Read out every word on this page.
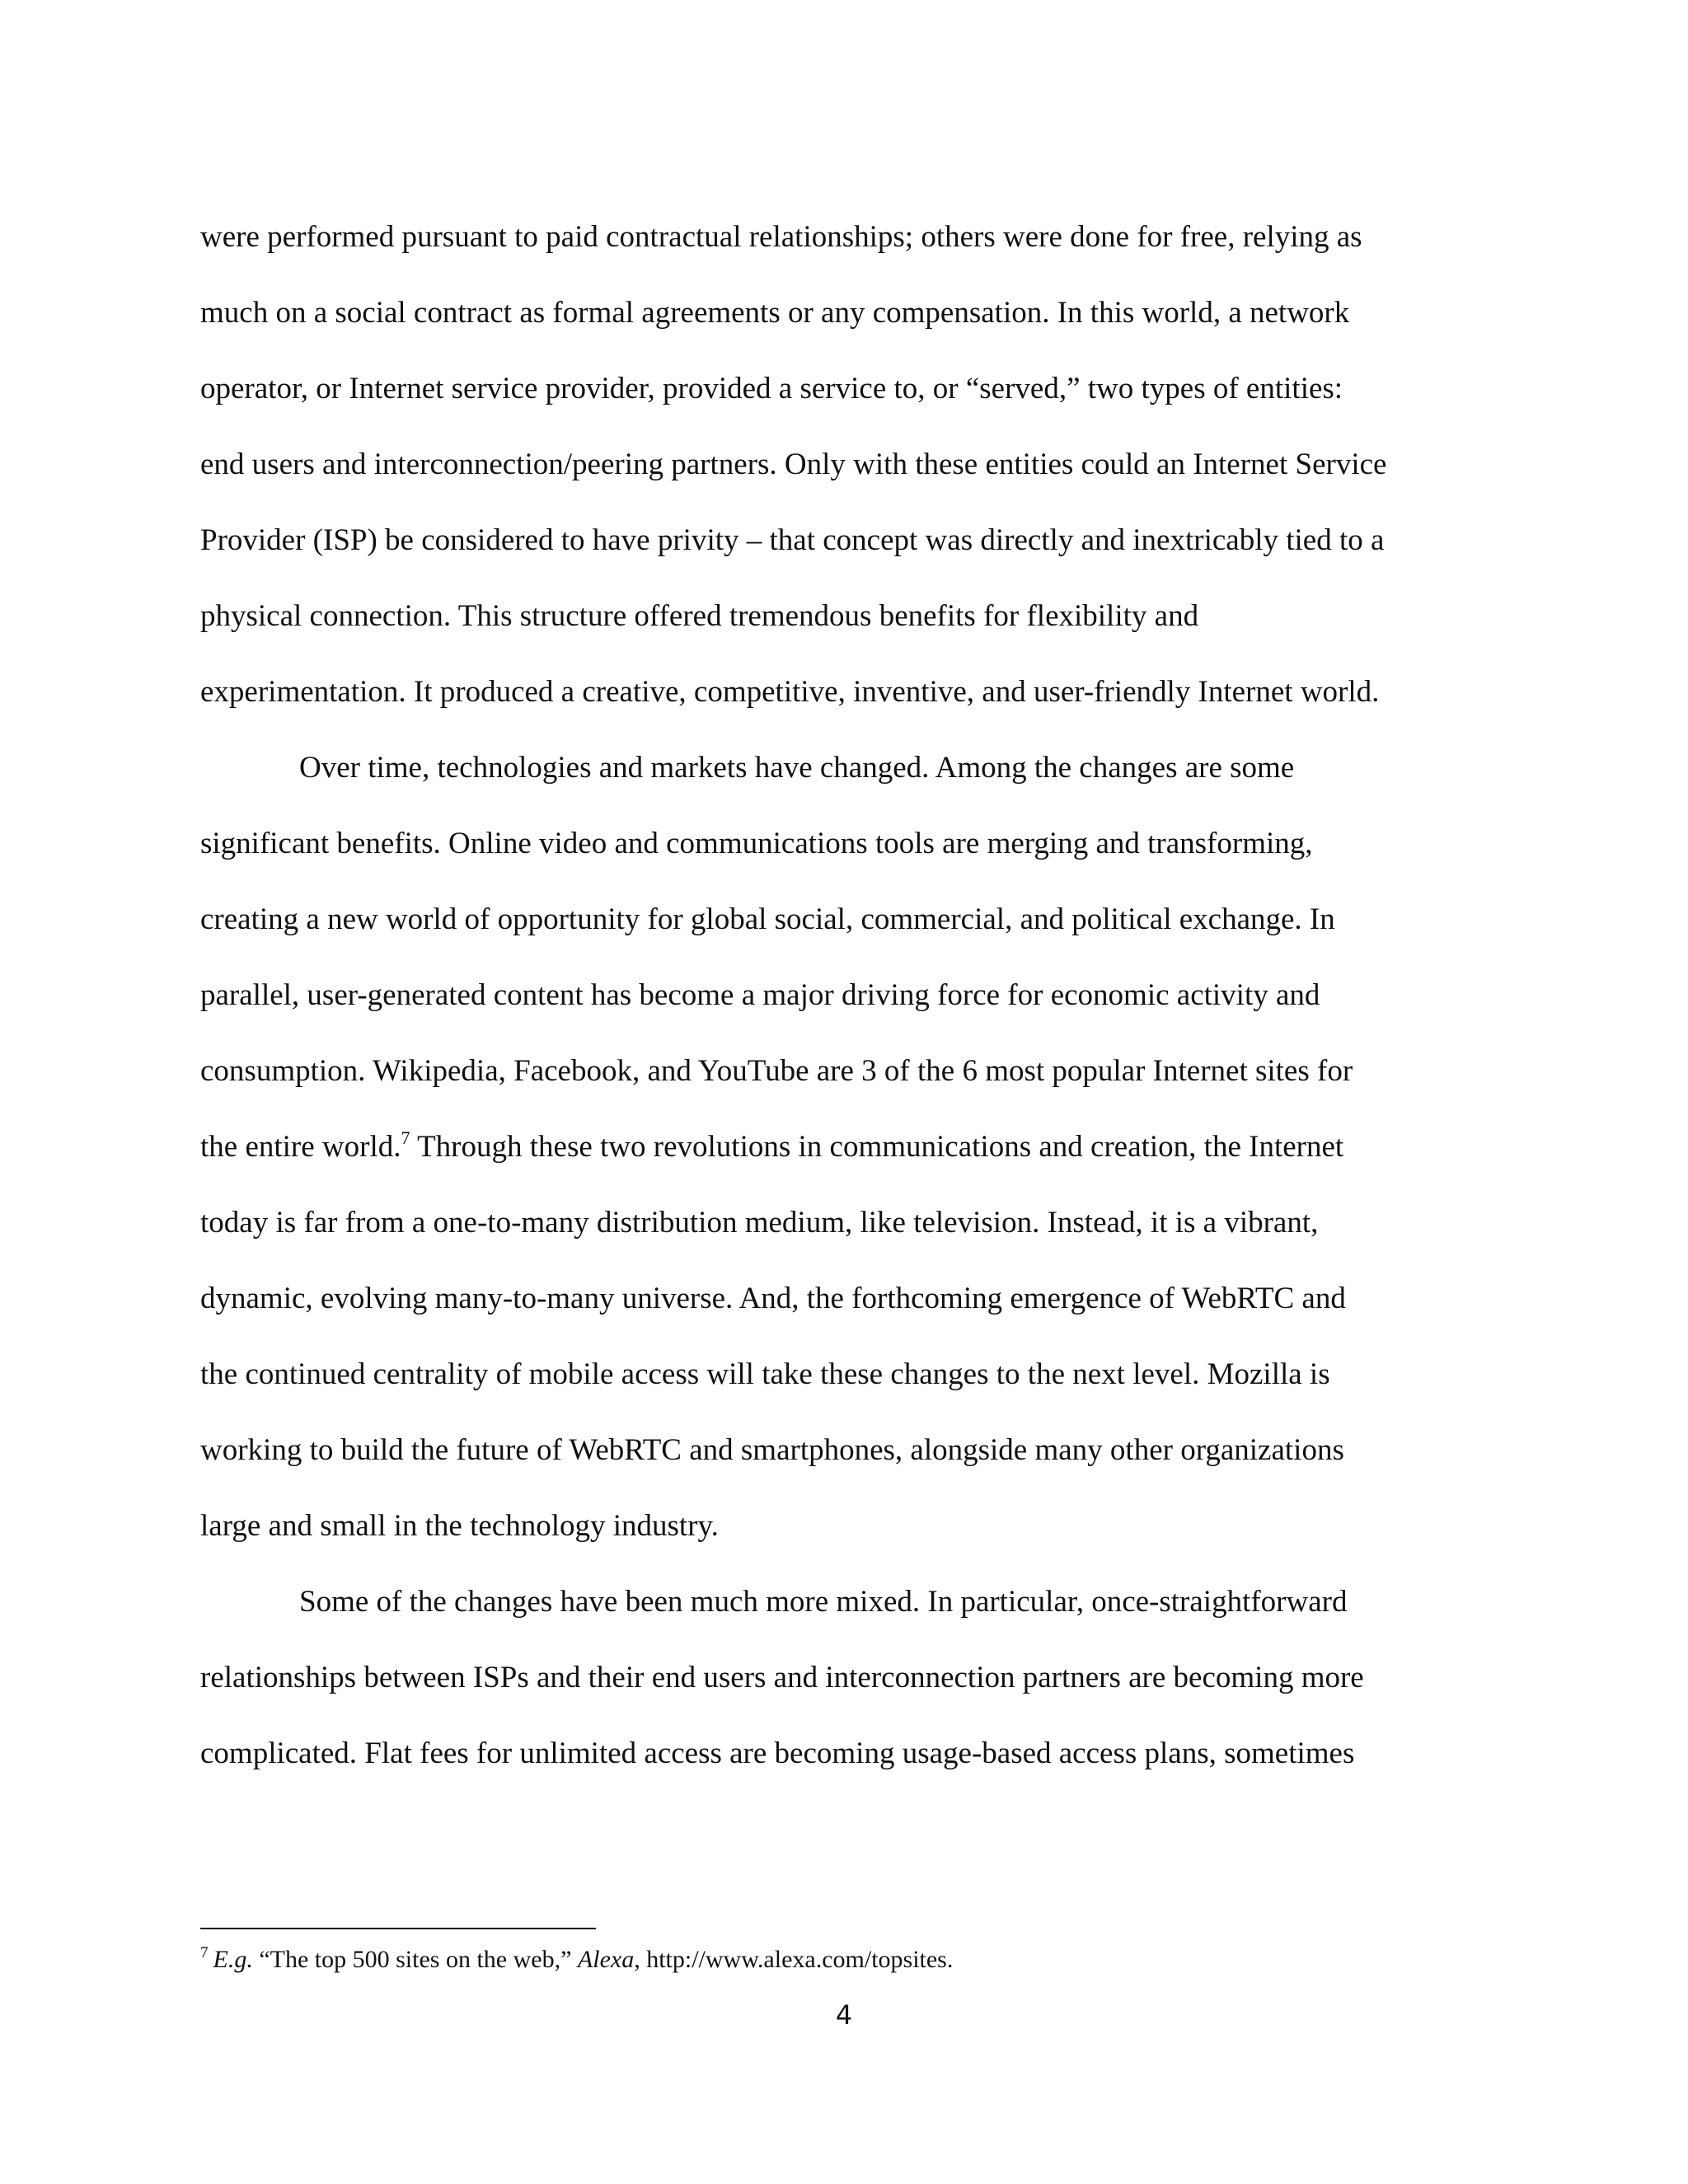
were performed pursuant to paid contractual relationships; others were done for free, relying as
much on a social contract as formal agreements or any compensation. In this world, a network
operator, or Internet service provider, provided a service to, or “served,” two types of entities:
end users and interconnection/peering partners. Only with these entities could an Internet Service
Provider (ISP) be considered to have privity – that concept was directly and inextricably tied to a
physical connection. This structure offered tremendous benefits for flexibility and
experimentation. It produced a creative, competitive, inventive, and user-friendly Internet world.

Over time, technologies and markets have changed. Among the changes are some
significant benefits. Online video and communications tools are merging and transforming,
creating a new world of opportunity for global social, commercial, and political exchange. In
parallel, user-generated content has become a major driving force for economic activity and
consumption. Wikipedia, Facebook, and YouTube are 3 of the 6 most popular Internet sites for
the entire world.$^7$ Through these two revolutions in communications and creation, the Internet
today is far from a one-to-many distribution medium, like television. Instead, it is a vibrant,
dynamic, evolving many-to-many universe. And, the forthcoming emergence of WebRTC and
the continued centrality of mobile access will take these changes to the next level. Mozilla is
working to build the future of WebRTC and smartphones, alongside many other organizations
large and small in the technology industry.

Some of the changes have been much more mixed. In particular, once-straightforward
relationships between ISPs and their end users and interconnection partners are becoming more
complicated. Flat fees for unlimited access are becoming usage-based access plans, sometimes

$^7$ E.g. “The top 500 sites on the web,” Alexa, http://www.alexa.com/topsites.

4
